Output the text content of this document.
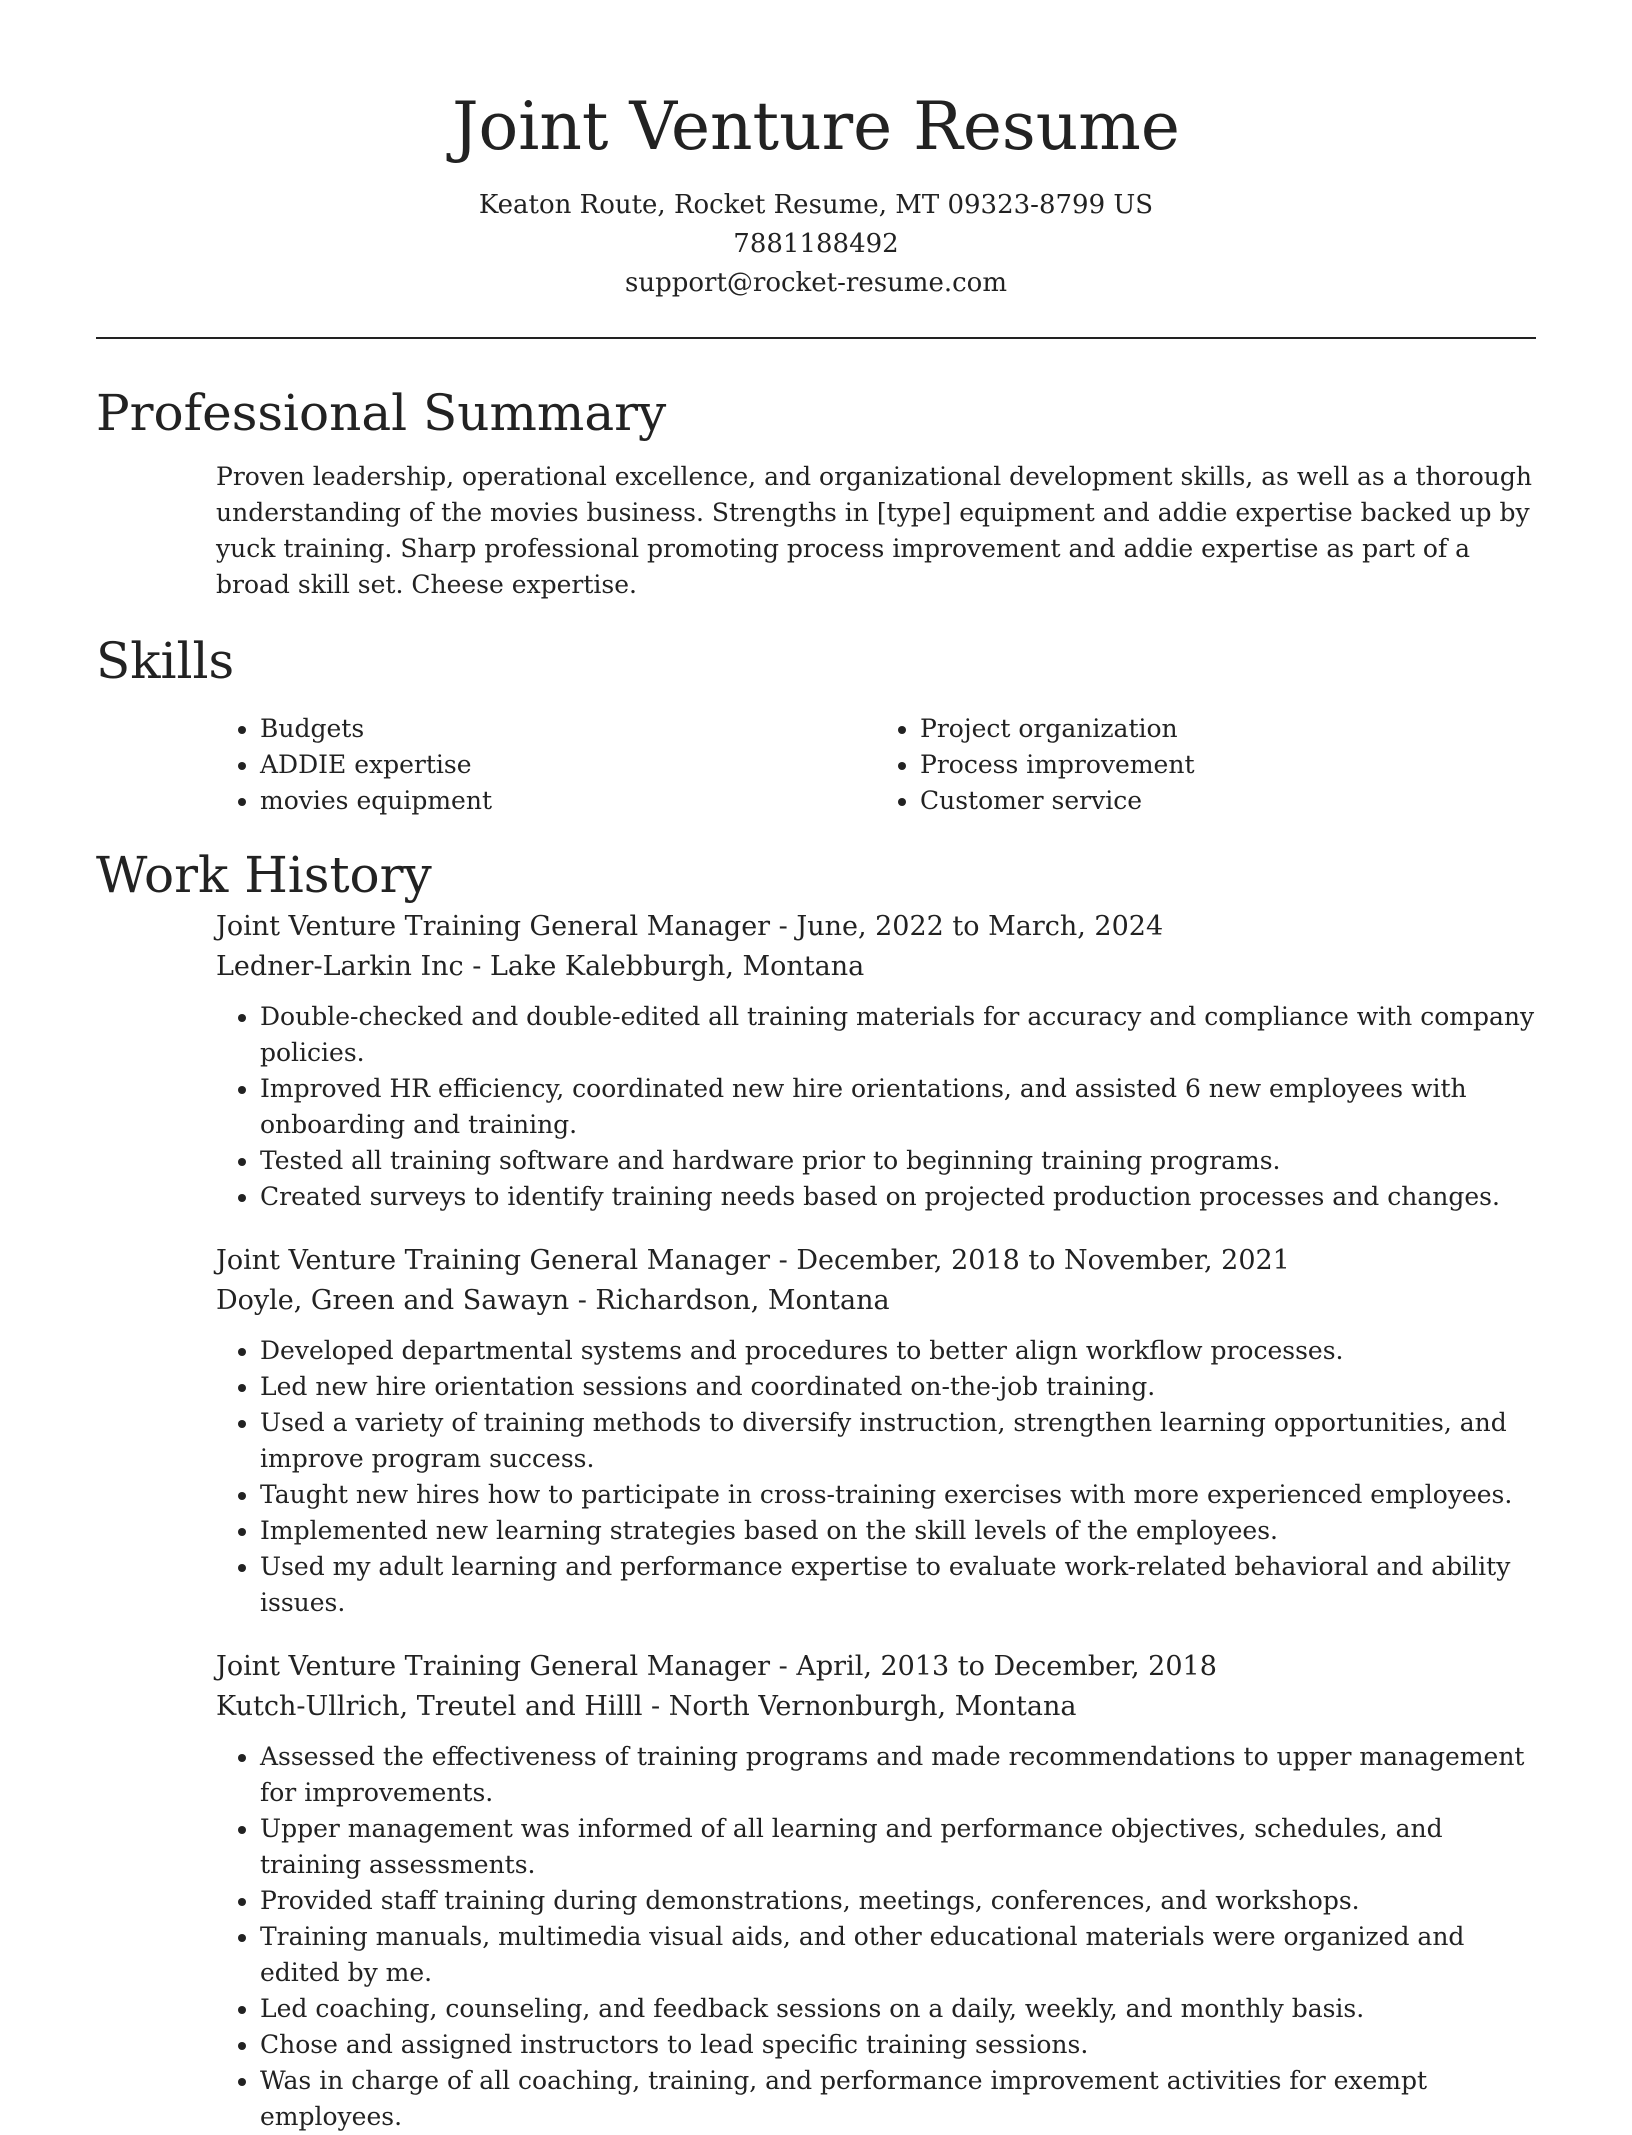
Joint Venture Resume
Keaton Route, Rocket Resume, MT 09323-8799 US
7881188492
support@rocket-resume.com
Professional Summary
Proven leadership, operational excellence, and organizational development skills, as well as a thorough understanding of the movies business. Strengths in [type] equipment and addie expertise backed up by yuck training. Sharp professional promoting process improvement and addie expertise as part of a broad skill set. Cheese expertise.
Skills
• Budgets
• ADDIE expertise
• movies equipment
• Project organization
• Process improvement
• Customer service
Work History
Joint Venture Training General Manager - June, 2022 to March, 2024
Ledner-Larkin Inc - Lake Kalebburgh, Montana
• Double-checked and double-edited all training materials for accuracy and compliance with company policies.
• Improved HR efficiency, coordinated new hire orientations, and assisted 6 new employees with onboarding and training.
• Tested all training software and hardware prior to beginning training programs.
• Created surveys to identify training needs based on projected production processes and changes.
Joint Venture Training General Manager - December, 2018 to November, 2021
Doyle, Green and Sawayn - Richardson, Montana
• Developed departmental systems and procedures to better align workflow processes.
• Led new hire orientation sessions and coordinated on-the-job training.
• Used a variety of training methods to diversify instruction, strengthen learning opportunities, and improve program success.
• Taught new hires how to participate in cross-training exercises with more experienced employees.
• Implemented new learning strategies based on the skill levels of the employees.
• Used my adult learning and performance expertise to evaluate work-related behavioral and ability issues.
Joint Venture Training General Manager - April, 2013 to December, 2018
Kutch-Ullrich, Treutel and Hilll - North Vernonburgh, Montana
• Assessed the effectiveness of training programs and made recommendations to upper management for improvements.
• Upper management was informed of all learning and performance objectives, schedules, and training assessments.
• Provided staff training during demonstrations, meetings, conferences, and workshops.
• Training manuals, multimedia visual aids, and other educational materials were organized and edited by me.
• Led coaching, counseling, and feedback sessions on a daily, weekly, and monthly basis.
• Chose and assigned instructors to lead specific training sessions.
• Was in charge of all coaching, training, and performance improvement activities for exempt employees.
